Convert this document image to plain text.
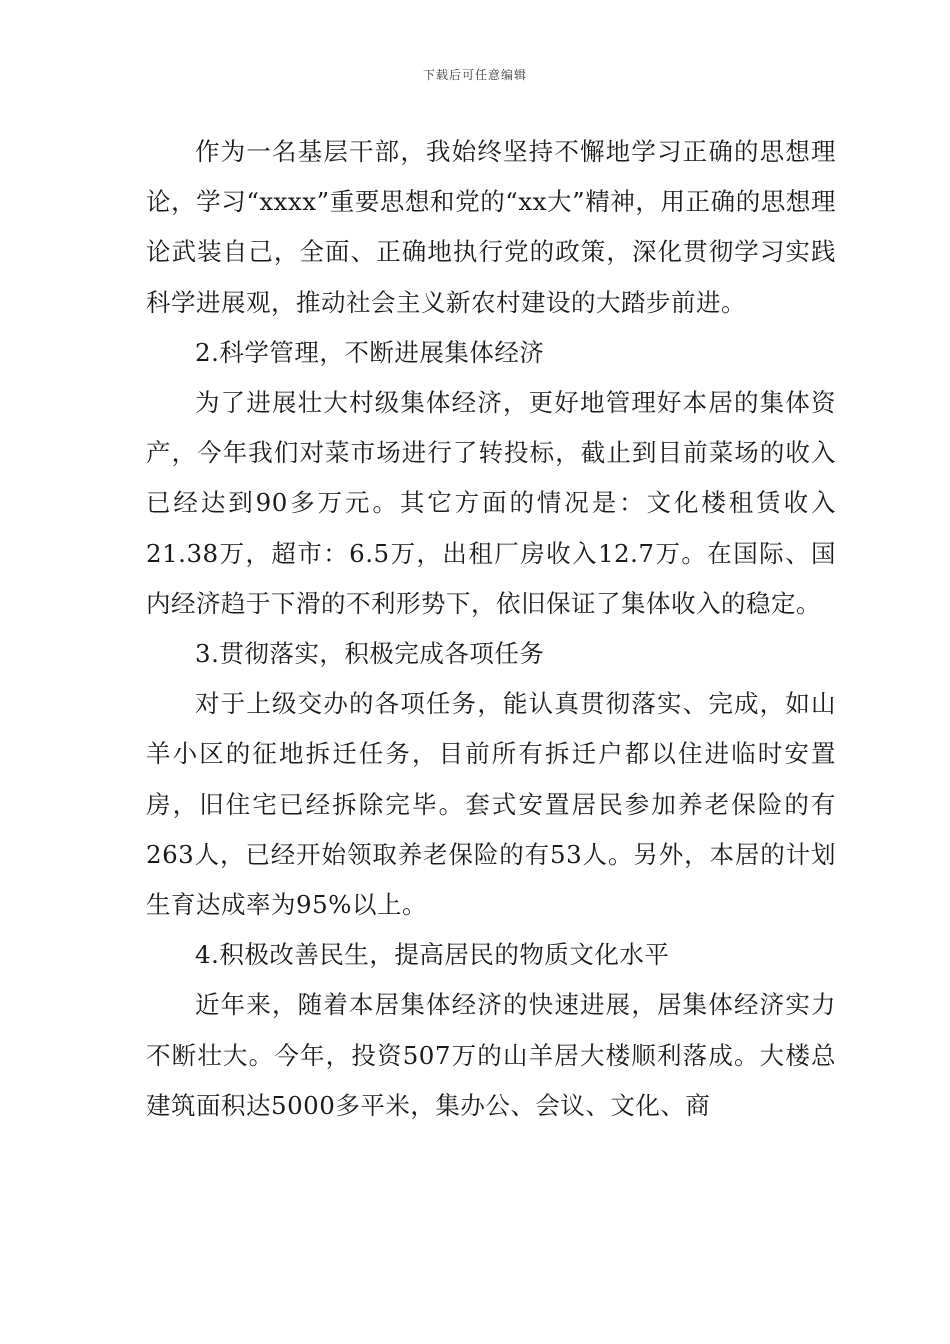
下载后可任意编辑

作为一名基层干部，我始终坚持不懈地学习正确的思想理论，学习“xxxx”重要思想和党的“xx大”精神，用正确的思想理论武装自己，全面、正确地执行党的政策，深化贯彻学习实践科学进展观，推动社会主义新农村建设的大踏步前进。

2.科学管理，不断进展集体经济

为了进展壮大村级集体经济，更好地管理好本居的集体资产，今年我们对菜市场进行了转投标，截止到目前菜场的收入已经达到90多万元。其它方面的情况是：文化楼租赁收入21.38万，超市：6.5万，出租厂房收入12.7万。在国际、国内经济趋于下滑的不利形势下，依旧保证了集体收入的稳定。

3.贯彻落实，积极完成各项任务

对于上级交办的各项任务，能认真贯彻落实、完成，如山羊小区的征地拆迁任务，目前所有拆迁户都以住进临时安置房，旧住宅已经拆除完毕。套式安置居民参加养老保险的有263人，已经开始领取养老保险的有53人。另外，本居的计划生育达成率为95%以上。

4.积极改善民生，提高居民的物质文化水平

近年来，随着本居集体经济的快速进展，居集体经济实力不断壮大。今年，投资507万的山羊居大楼顺利落成。大楼总建筑面积达5000多平米，集办公、会议、文化、商
